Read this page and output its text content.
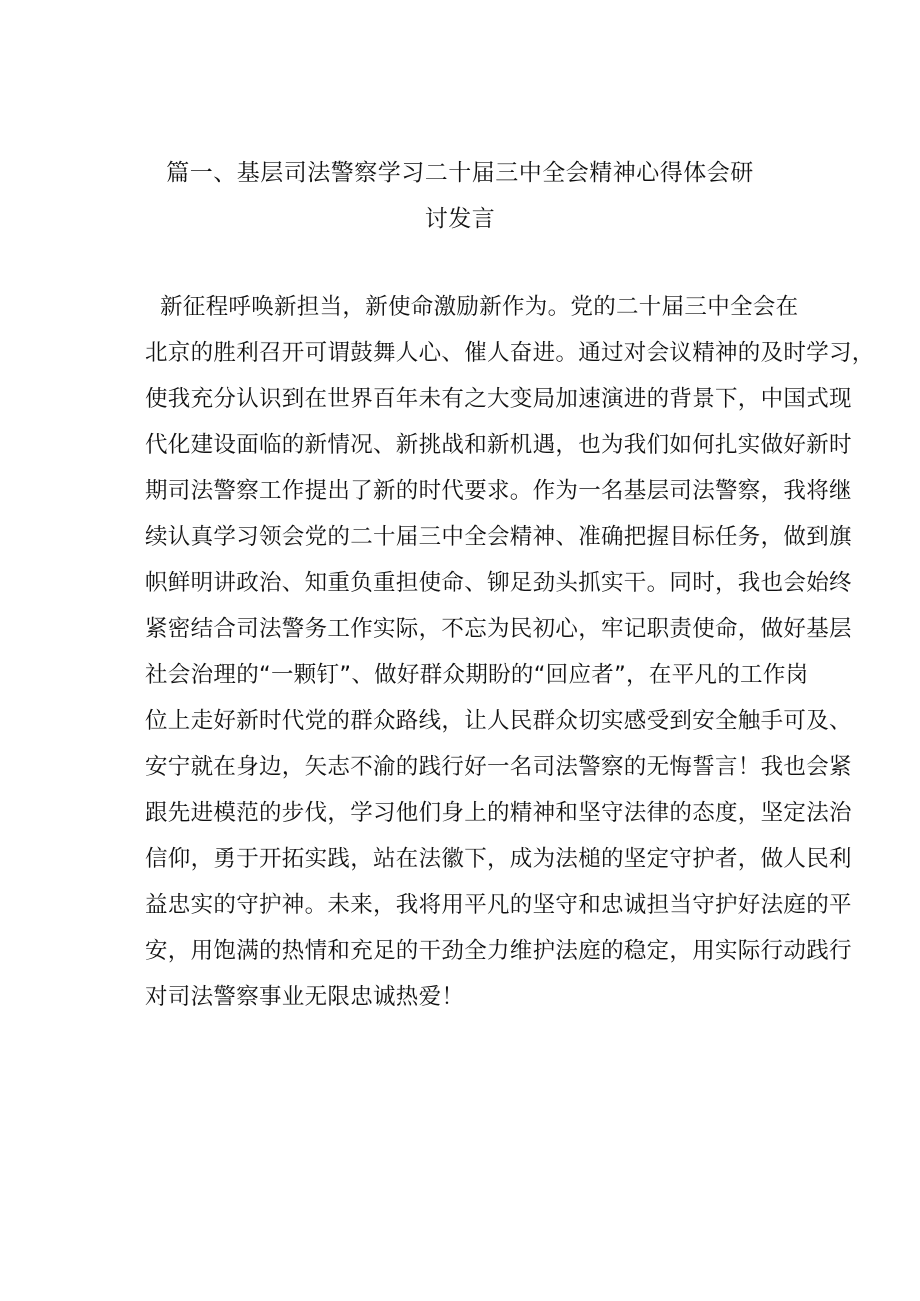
篇一、基层司法警察学习二十届三中全会精神心得体会研
讨发言
新征程呼唤新担当，新使命激励新作为。党的二十届三中全会在
北京的胜利召开可谓鼓舞人心、催人奋进。通过对会议精神的及时学习，
使我充分认识到在世界百年未有之大变局加速演进的背景下，中国式现
代化建设面临的新情况、新挑战和新机遇，也为我们如何扎实做好新时
期司法警察工作提出了新的时代要求。作为一名基层司法警察，我将继
续认真学习领会党的二十届三中全会精神、准确把握目标任务，做到旗
帜鲜明讲政治、知重负重担使命、铆足劲头抓实干。同时，我也会始终
紧密结合司法警务工作实际，不忘为民初心，牢记职责使命，做好基层
社会治理的“一颗钉”、做好群众期盼的“回应者”，在平凡的工作岗
位上走好新时代党的群众路线，让人民群众切实感受到安全触手可及、
安宁就在身边，矢志不渝的践行好一名司法警察的无悔誓言！我也会紧
跟先进模范的步伐，学习他们身上的精神和坚守法律的态度，坚定法治
信仰，勇于开拓实践，站在法徽下，成为法槌的坚定守护者，做人民利
益忠实的守护神。未来，我将用平凡的坚守和忠诚担当守护好法庭的平
安，用饱满的热情和充足的干劲全力维护法庭的稳定，用实际行动践行
对司法警察事业无限忠诚热爱！
